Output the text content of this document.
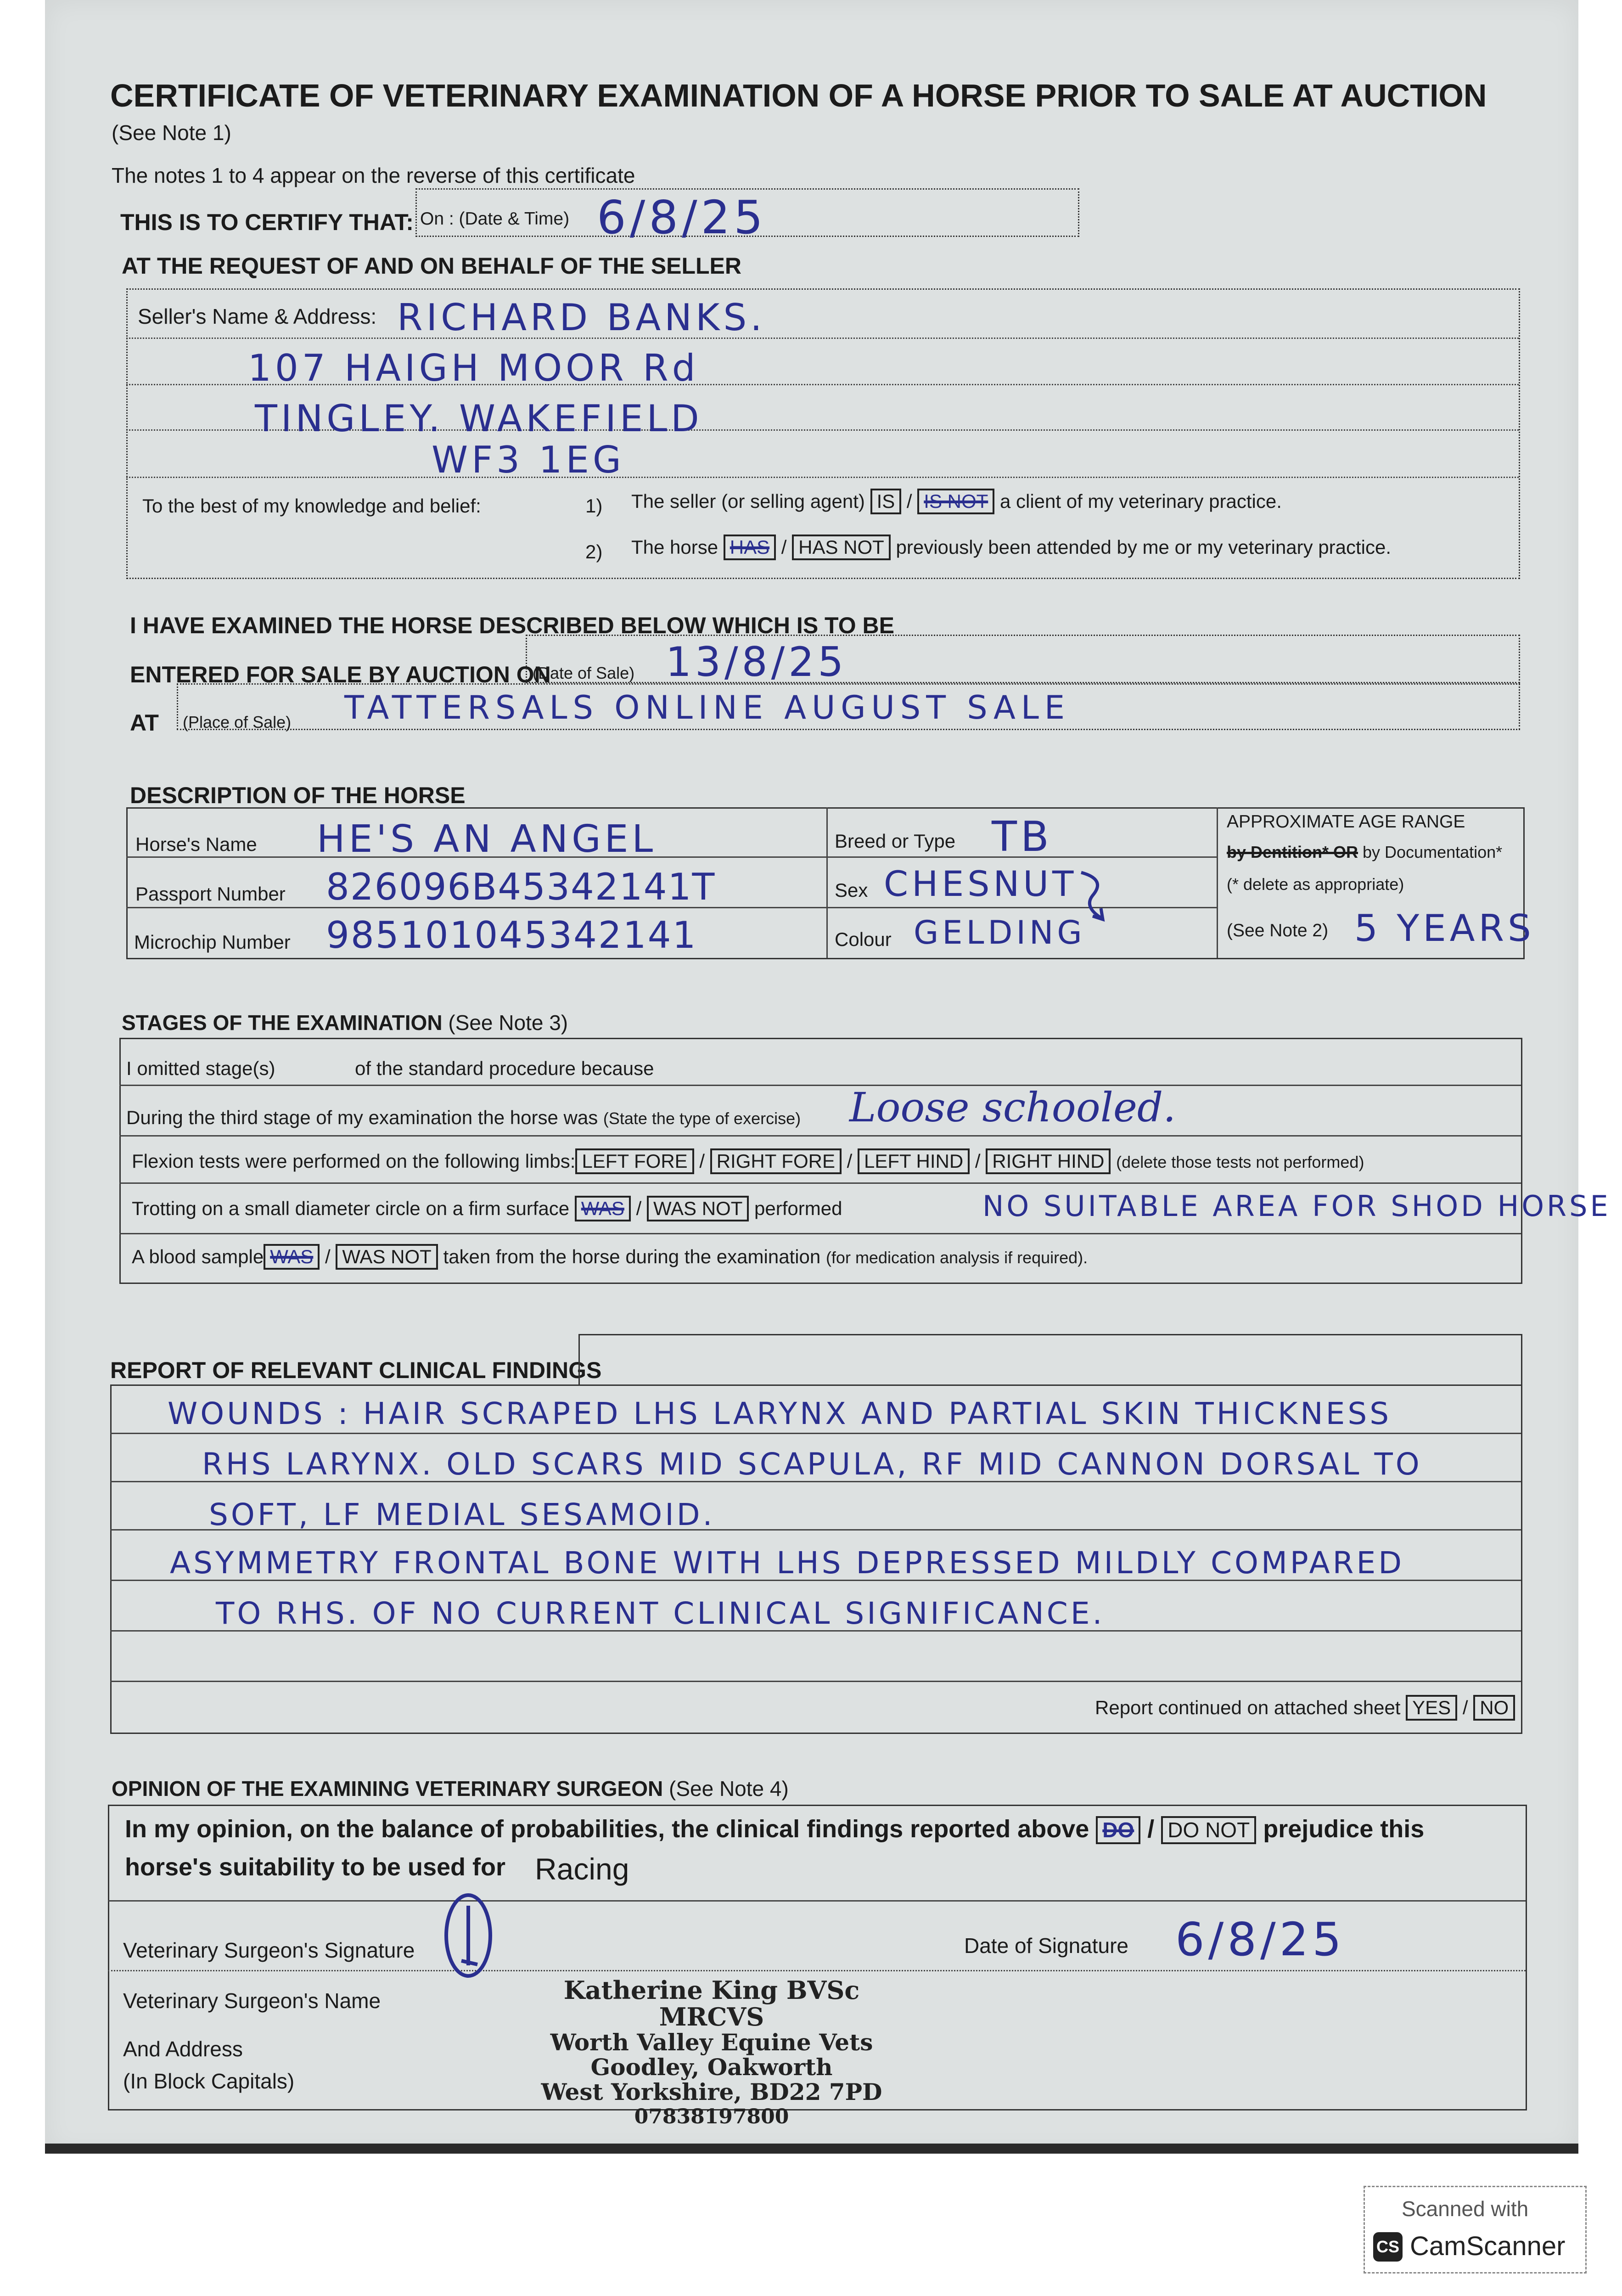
CERTIFICATE OF VETERINARY EXAMINATION OF A HORSE PRIOR TO SALE AT AUCTION
(See Note 1)
The notes 1 to 4 appear on the reverse of this certificate
THIS IS TO CERTIFY THAT: On : (Date & Time) 6/8/25
AT THE REQUEST OF AND ON BEHALF OF THE SELLER
Seller's Name & Address: RICHARD BANKS.
107 HAIGH MOOR Rd
TINGLEY. WAKEFIELD
WF3 1EG
To the best of my knowledge and belief:	1) The seller (or selling agent) IS / IS NOT a client of my veterinary practice.
2) The horse HAS / HAS NOT previously been attended by me or my veterinary practice.
I HAVE EXAMINED THE HORSE DESCRIBED BELOW WHICH IS TO BE
ENTERED FOR SALE BY AUCTION ON
(Date of Sale) 13/8/25
AT (Place of Sale) TATTERSALS ONLINE AUGUST SALE
DESCRIPTION OF THE HORSE
Horse's Name HE'S AN ANGEL
Passport Number 826096B45342141T
Microchip Number 985101045342141
Breed or Type TB
Sex CHESNUT
Colour GELDING
APPROXIMATE AGE RANGE
by Dentition* OR by Documentation*
(* delete as appropriate)
(See Note 2) 5 YEARS
STAGES OF THE EXAMINATION (See Note 3)
I omitted stage(s)	of the standard procedure because
During the third stage of my examination the horse was (State the type of exercise) Loose schooled.
Flexion tests were performed on the following limbs: LEFT FORE / RIGHT FORE / LEFT HIND / RIGHT HIND (delete those tests not performed)
Trotting on a small diameter circle on a firm surface WAS / WAS NOT performed	NO SUITABLE AREA FOR SHOD HORSE
A blood sample WAS / WAS NOT taken from the horse during the examination (for medication analysis if required).
REPORT OF RELEVANT CLINICAL FINDINGS
WOUNDS : HAIR SCRAPED LHS LARYNX AND PARTIAL SKIN THICKNESS
RHS LARYNX. OLD SCARS MID SCAPULA, RF MID CANNON DORSAL TO
SOFT, LF MEDIAL SESAMOID.
ASYMMETRY FRONTAL BONE WITH LHS DEPRESSED MILDLY COMPARED
TO RHS. OF NO CURRENT CLINICAL SIGNIFICANCE.
Report continued on attached sheet YES / NO
OPINION OF THE EXAMINING VETERINARY SURGEON (See Note 4)
In my opinion, on the balance of probabilities, the clinical findings reported above DO / DO NOT prejudice this
horse's suitability to be used for Racing
Veterinary Surgeon's Signature	Date of Signature 6/8/25
Veterinary Surgeon's Name
And Address
(In Block Capitals)
Katherine King BVSc MRCVS
Worth Valley Equine Vets
Goodley, Oakworth
West Yorkshire, BD22 7PD
07838197800
Scanned with
CS CamScanner
